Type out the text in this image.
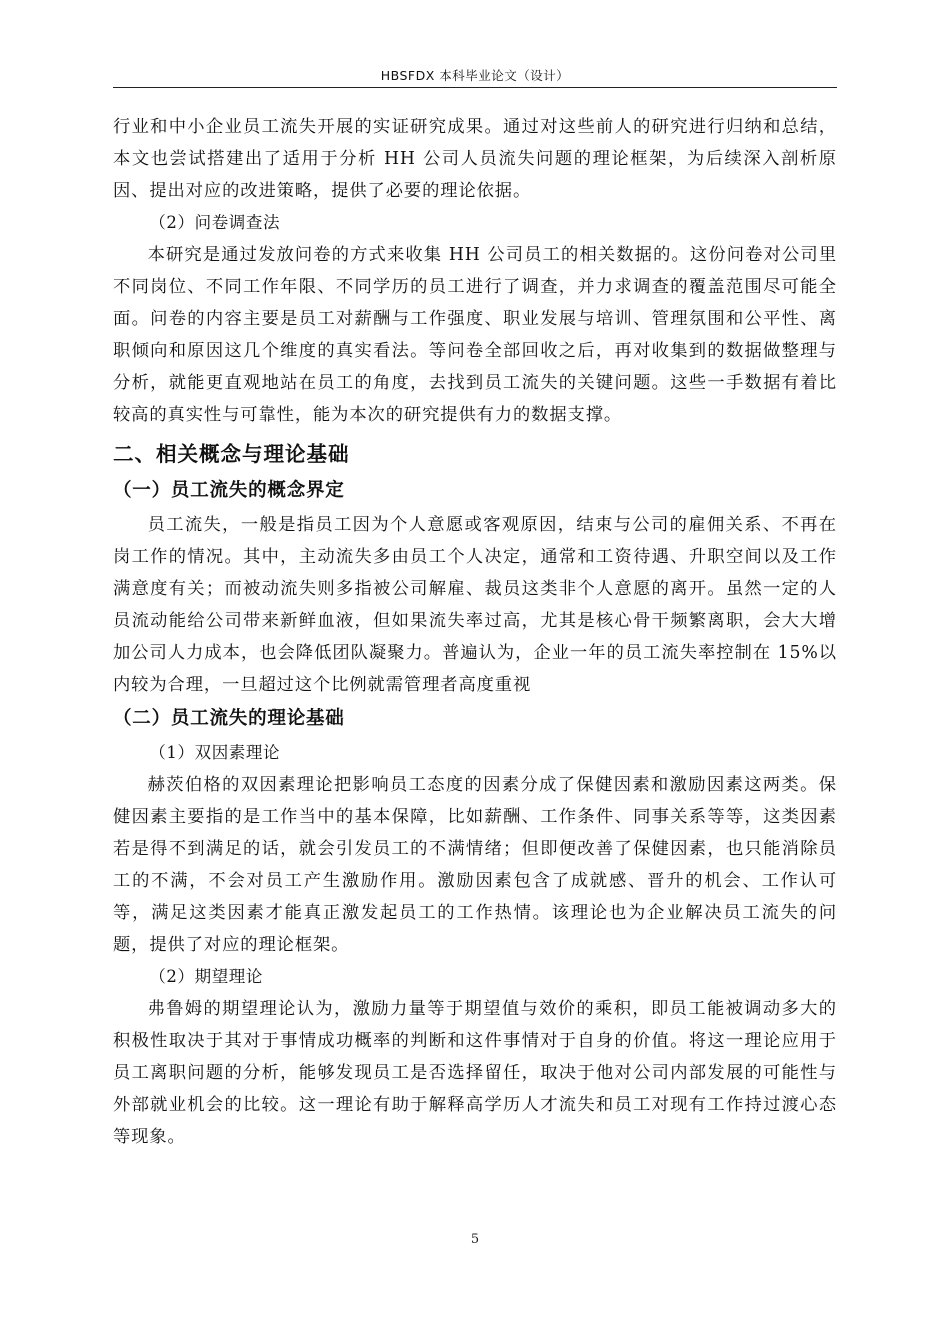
HBSFDX 本科毕业论文（设计）

行业和中小企业员工流失开展的实证研究成果。通过对这些前人的研究进行归纳和总结，本文也尝试搭建出了适用于分析 HH 公司人员流失问题的理论框架，为后续深入剖析原因、提出对应的改进策略，提供了必要的理论依据。

（2）问卷调查法

本研究是通过发放问卷的方式来收集 HH 公司员工的相关数据的。这份问卷对公司里不同岗位、不同工作年限、不同学历的员工进行了调查，并力求调查的覆盖范围尽可能全面。问卷的内容主要是员工对薪酬与工作强度、职业发展与培训、管理氛围和公平性、离职倾向和原因这几个维度的真实看法。等问卷全部回收之后，再对收集到的数据做整理与分析，就能更直观地站在员工的角度，去找到员工流失的关键问题。这些一手数据有着比较高的真实性与可靠性，能为本次的研究提供有力的数据支撑。

二、相关概念与理论基础
（一）员工流失的概念界定

员工流失，一般是指员工因为个人意愿或客观原因，结束与公司的雇佣关系、不再在岗工作的情况。其中，主动流失多由员工个人决定，通常和工资待遇、升职空间以及工作满意度有关；而被动流失则多指被公司解雇、裁员这类非个人意愿的离开。虽然一定的人员流动能给公司带来新鲜血液，但如果流失率过高，尤其是核心骨干频繁离职，会大大增加公司人力成本，也会降低团队凝聚力。普遍认为，企业一年的员工流失率控制在 15%以内较为合理，一旦超过这个比例就需管理者高度重视

（二）员工流失的理论基础

（1）双因素理论

赫茨伯格的双因素理论把影响员工态度的因素分成了保健因素和激励因素这两类。保健因素主要指的是工作当中的基本保障，比如薪酬、工作条件、同事关系等等，这类因素若是得不到满足的话，就会引发员工的不满情绪；但即便改善了保健因素，也只能消除员工的不满，不会对员工产生激励作用。激励因素包含了成就感、晋升的机会、工作认可等，满足这类因素才能真正激发起员工的工作热情。该理论也为企业解决员工流失的问题，提供了对应的理论框架。

（2）期望理论

弗鲁姆的期望理论认为，激励力量等于期望值与效价的乘积，即员工能被调动多大的积极性取决于其对于事情成功概率的判断和这件事情对于自身的价值。将这一理论应用于员工离职问题的分析，能够发现员工是否选择留任，取决于他对公司内部发展的可能性与外部就业机会的比较。这一理论有助于解释高学历人才流失和员工对现有工作持过渡心态等现象。

5
